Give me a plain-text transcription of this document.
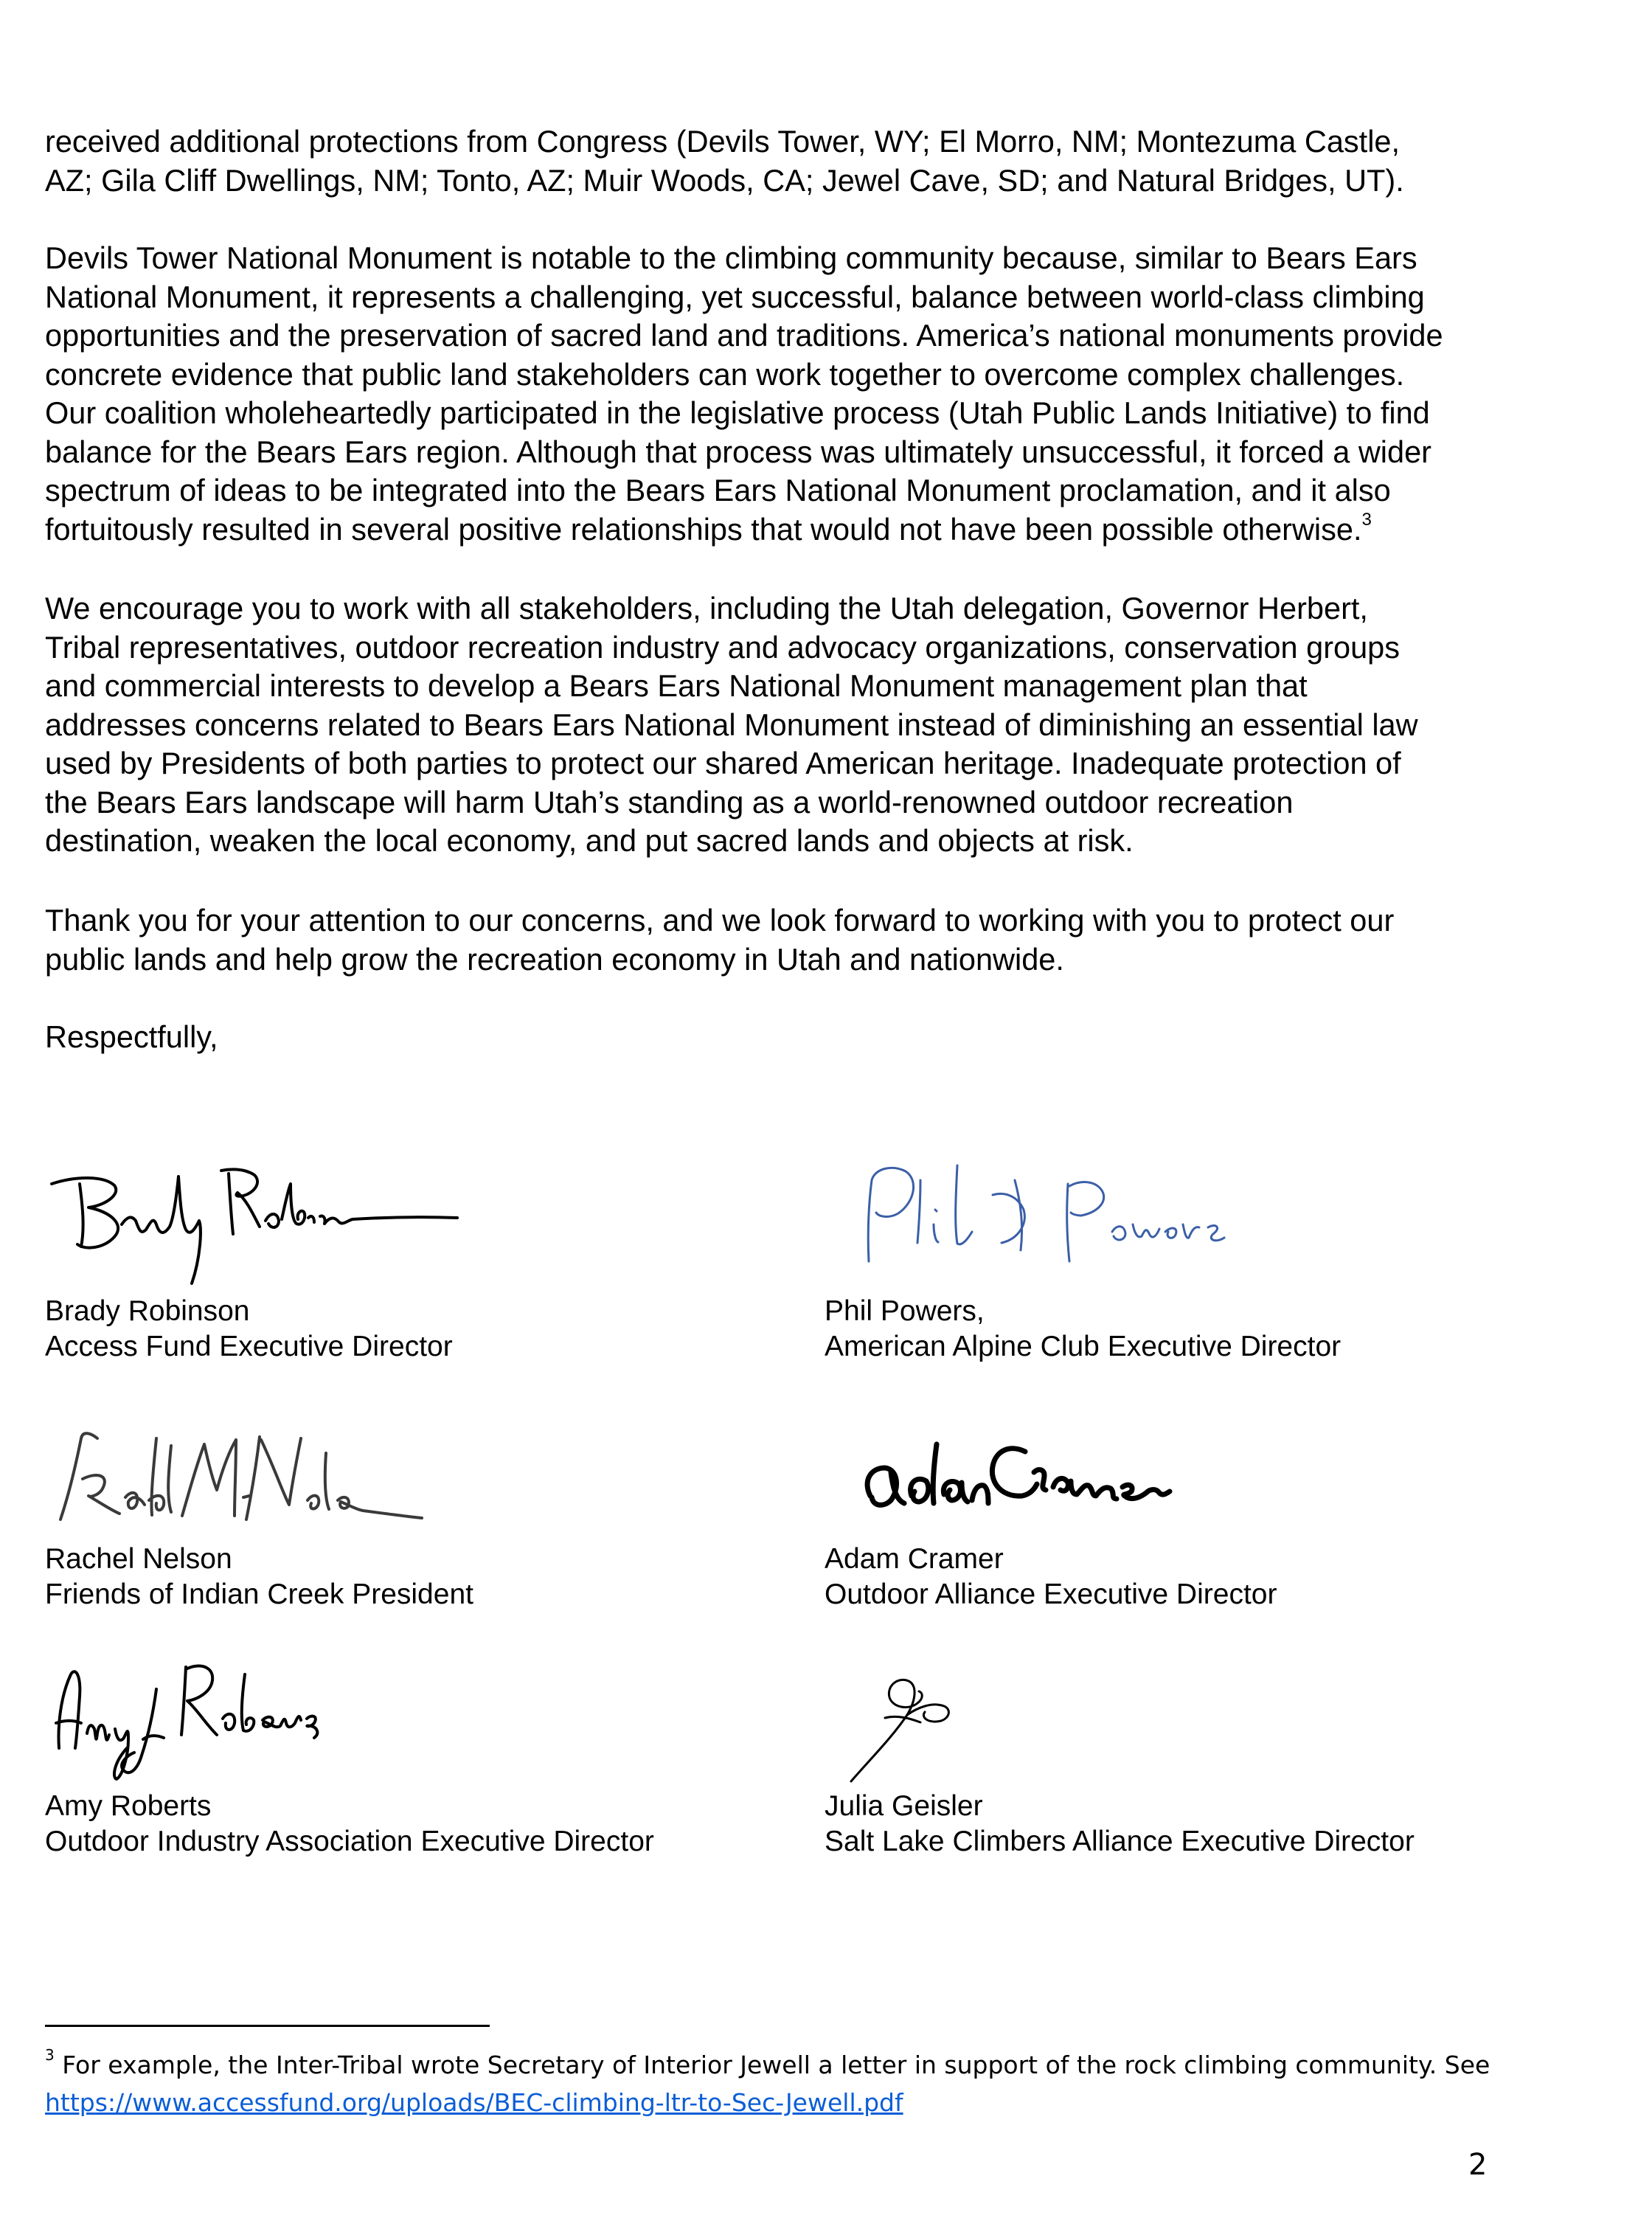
received additional protections from Congress (Devils Tower, WY; El Morro, NM; Montezuma Castle,
AZ; Gila Cliff Dwellings, NM; Tonto, AZ; Muir Woods, CA; Jewel Cave, SD; and Natural Bridges, UT).

Devils Tower National Monument is notable to the climbing community because, similar to Bears Ears
National Monument, it represents a challenging, yet successful, balance between world-class climbing
opportunities and the preservation of sacred land and traditions. America’s national monuments provide
concrete evidence that public land stakeholders can work together to overcome complex challenges.
Our coalition wholeheartedly participated in the legislative process (Utah Public Lands Initiative) to find
balance for the Bears Ears region. Although that process was ultimately unsuccessful, it forced a wider
spectrum of ideas to be integrated into the Bears Ears National Monument proclamation, and it also
fortuitously resulted in several positive relationships that would not have been possible otherwise.$^3$

We encourage you to work with all stakeholders, including the Utah delegation, Governor Herbert,
Tribal representatives, outdoor recreation industry and advocacy organizations, conservation groups
and commercial interests to develop a Bears Ears National Monument management plan that
addresses concerns related to Bears Ears National Monument instead of diminishing an essential law
used by Presidents of both parties to protect our shared American heritage. Inadequate protection of
the Bears Ears landscape will harm Utah’s standing as a world-renowned outdoor recreation
destination, weaken the local economy, and put sacred lands and objects at risk.

Thank you for your attention to our concerns, and we look forward to working with you to protect our
public lands and help grow the recreation economy in Utah and nationwide.

Respectfully,

Brady Robinson
Access Fund Executive Director
Phil Powers,
American Alpine Club Executive Director
Rachel Nelson
Friends of Indian Creek President
Adam Cramer
Outdoor Alliance Executive Director
Amy Roberts
Outdoor Industry Association Executive Director
Julia Geisler
Salt Lake Climbers Alliance Executive Director
$^3$ For example, the Inter-Tribal wrote Secretary of Interior Jewell a letter in support of the rock climbing community. See
https://www.accessfund.org/uploads/BEC-climbing-ltr-to-Sec-Jewell.pdf
2
